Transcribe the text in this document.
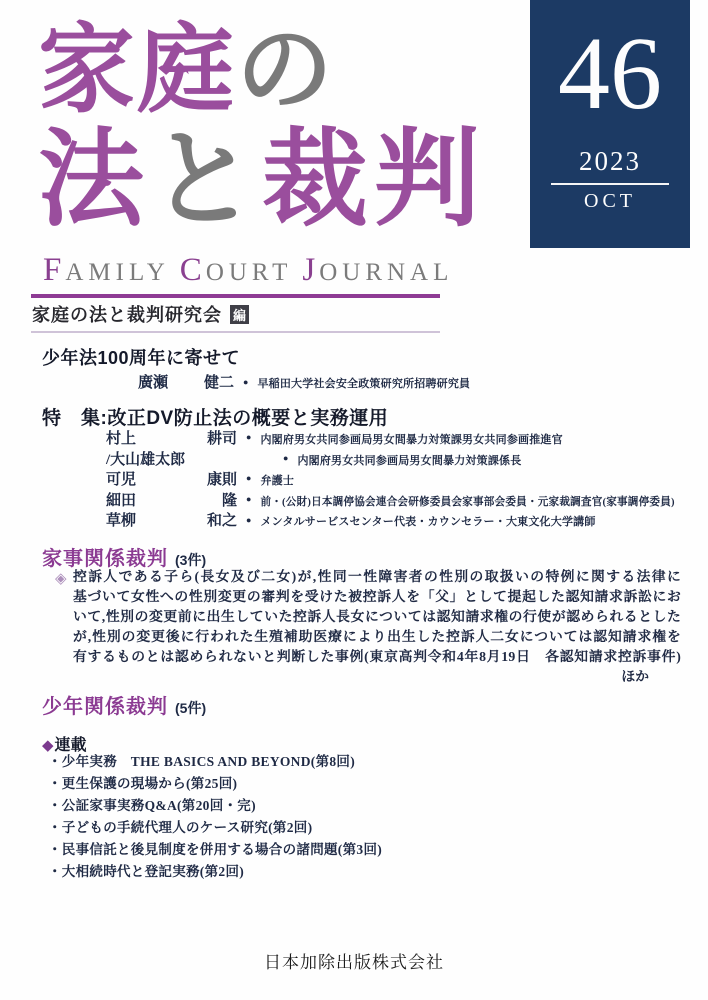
46
2023
OCT
家庭の
法と裁判
FAMILY COURT JOURNAL
家庭の法と裁判研究会 編
少年法100周年に寄せて
廣瀬 健二 ● 早稲田大学社会安全政策研究所招聘研究員
特　集:改正DV防止法の概要と実務運用
村上	耕司 ● 内閣府男女共同参画局男女間暴力対策課男女共同参画推進官
/大山雄太郎	● 内閣府男女共同参画局男女間暴力対策課係長
可児	康則 ● 弁護士
細田	隆 ● 前・(公財)日本調停協会連合会研修委員会家事部会委員・元家裁調査官(家事調停委員)
草柳	和之 ● メンタルサービスセンター代表・カウンセラー・大東文化大学講師
家事関係裁判 (3件)
◈ 控訴人である子ら(長女及び二女)が,性同一性障害者の性別の取扱いの特例に関する法律に
基づいて女性への性別変更の審判を受けた被控訴人を「父」として提起した認知請求訴訟にお
いて,性別の変更前に出生していた控訴人長女については認知請求権の行使が認められるとした
が,性別の変更後に行われた生殖補助医療により出生した控訴人二女については認知請求権を
有するものとは認められないと判断した事例(東京高判令和4年8月19日　各認知請求控訴事件)
ほか
少年関係裁判 (5件)
◆ 連載
・少年実務　THE BASICS AND BEYOND(第8回)
・更生保護の現場から(第25回)
・公証家事実務Q&A(第20回・完)
・子どもの手続代理人のケース研究(第2回)
・民事信託と後見制度を併用する場合の諸問題(第3回)
・大相続時代と登記実務(第2回)
日本加除出版株式会社
